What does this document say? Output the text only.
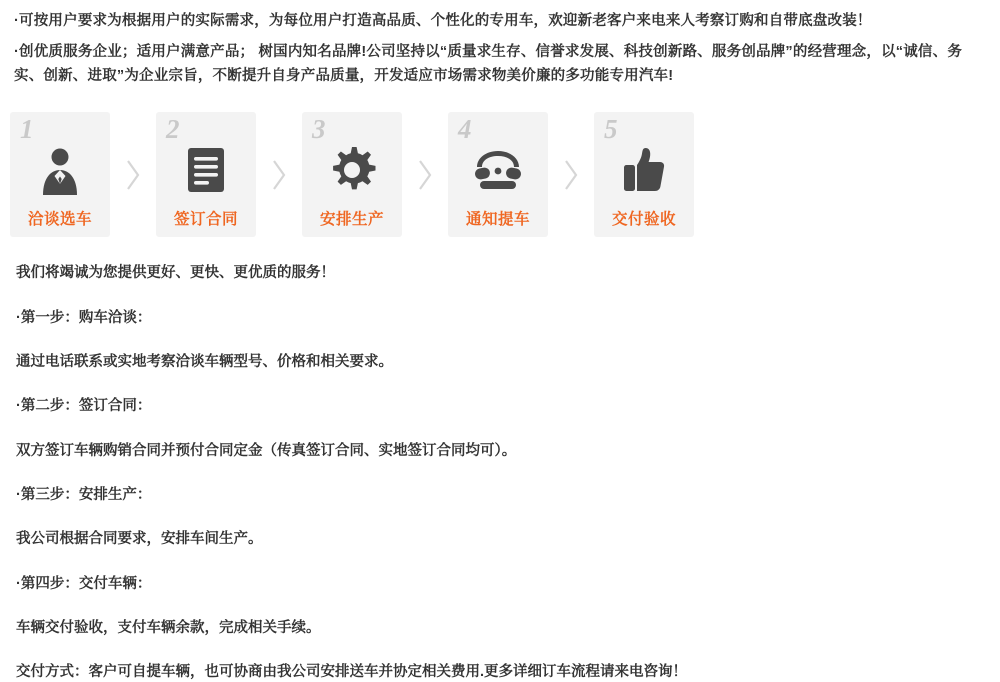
·可按用户要求为根据用户的实际需求，为每位用户打造高品质、个性化的专用车，欢迎新老客户来电来人考察订购和自带底盘改装！

·创优质服务企业；适用户满意产品； 树国内知名品牌!公司坚持以“质量求生存、信誉求发展、科技创新路、服务创品牌”的经营理念，以“诚信、务实、创新、进取”为企业宗旨，不断提升自身产品质量，开发适应市场需求物美价廉的多功能专用汽车!

1
洽谈选车
2
签订合同
3
安排生产
4
通知提车
5
交付验收

我们将竭诚为您提供更好、更快、更优质的服务！

·第一步：购车洽谈：

通过电话联系或实地考察洽谈车辆型号、价格和相关要求。

·第二步：签订合同：

双方签订车辆购销合同并预付合同定金（传真签订合同、实地签订合同均可）。

·第三步：安排生产：

我公司根据合同要求，安排车间生产。

·第四步：交付车辆：

车辆交付验收，支付车辆余款，完成相关手续。

交付方式：客户可自提车辆，也可协商由我公司安排送车并协定相关费用.更多详细订车流程请来电咨询！
